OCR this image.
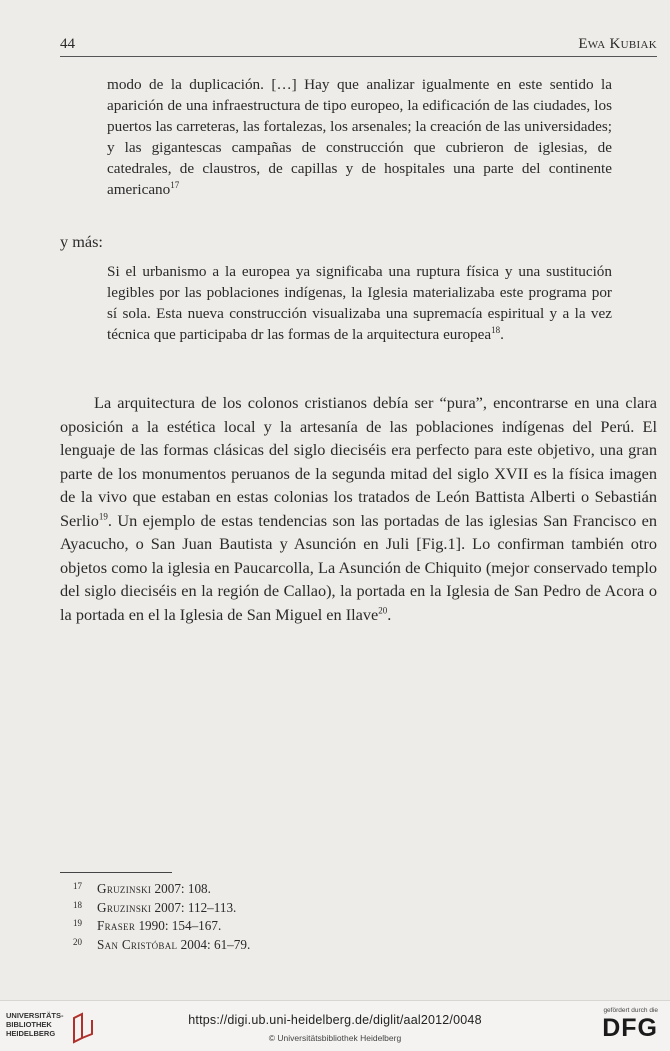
44	Ewa Kubiak
modo de la duplicación. […] Hay que analizar igualmente en este sentido la aparición de una infraestructura de tipo europeo, la edificación de las ciudades, los puertos las carreteras, las fortalezas, los arsenales; la creación de las universidades; y las gigantescas campañas de construcción que cubrieron de iglesias, de catedrales, de claustros, de capillas y de hospitales una parte del continente americano$^{17}$
y más:
Si el urbanismo a la europea ya significaba una ruptura física y una sustitución legibles por las poblaciones indígenas, la Iglesia materializaba este programa por sí sola. Esta nueva construcción visualizaba una supremacía espiritual y a la vez técnica que participaba dr las formas de la arquitectura europea$^{18}$.
La arquitectura de los colonos cristianos debía ser “pura”, encontrarse en una clara oposición a la estética local y la artesanía de las poblaciones indígenas del Perú. El lenguaje de las formas clásicas del siglo dieciséis era perfecto para este objetivo, una gran parte de los monumentos peruanos de la segunda mitad del siglo XVII es la física imagen de la vivo que estaban en estas colonias los tratados de León Battista Alberti o Sebastián Serlio$^{19}$. Un ejemplo de estas tendencias son las portadas de las iglesias San Francisco en Ayacucho, o San Juan Bautista y Asunción en Juli [Fig.1]. Lo confirman también otro objetos como la iglesia en Paucarcolla, La Asunción de Chiquito (mejor conservado templo del siglo dieciséis en la región de Callao), la portada en la Iglesia de San Pedro de Acora o la portada en el la Iglesia de San Miguel en Ilave$^{20}$.
17 Gruzinski 2007: 108.
18 Gruzinski 2007: 112–113.
19 Fraser 1990: 154–167.
20 San Cristóbal 2004: 61–79.
UNIVERSITÄTS-
BIBLIOTHEK
HEIDELBERG
https://digi.ub.uni-heidelberg.de/diglit/aal2012/0048
© Universitätsbibliothek Heidelberg
gefördert durch die
DFG
